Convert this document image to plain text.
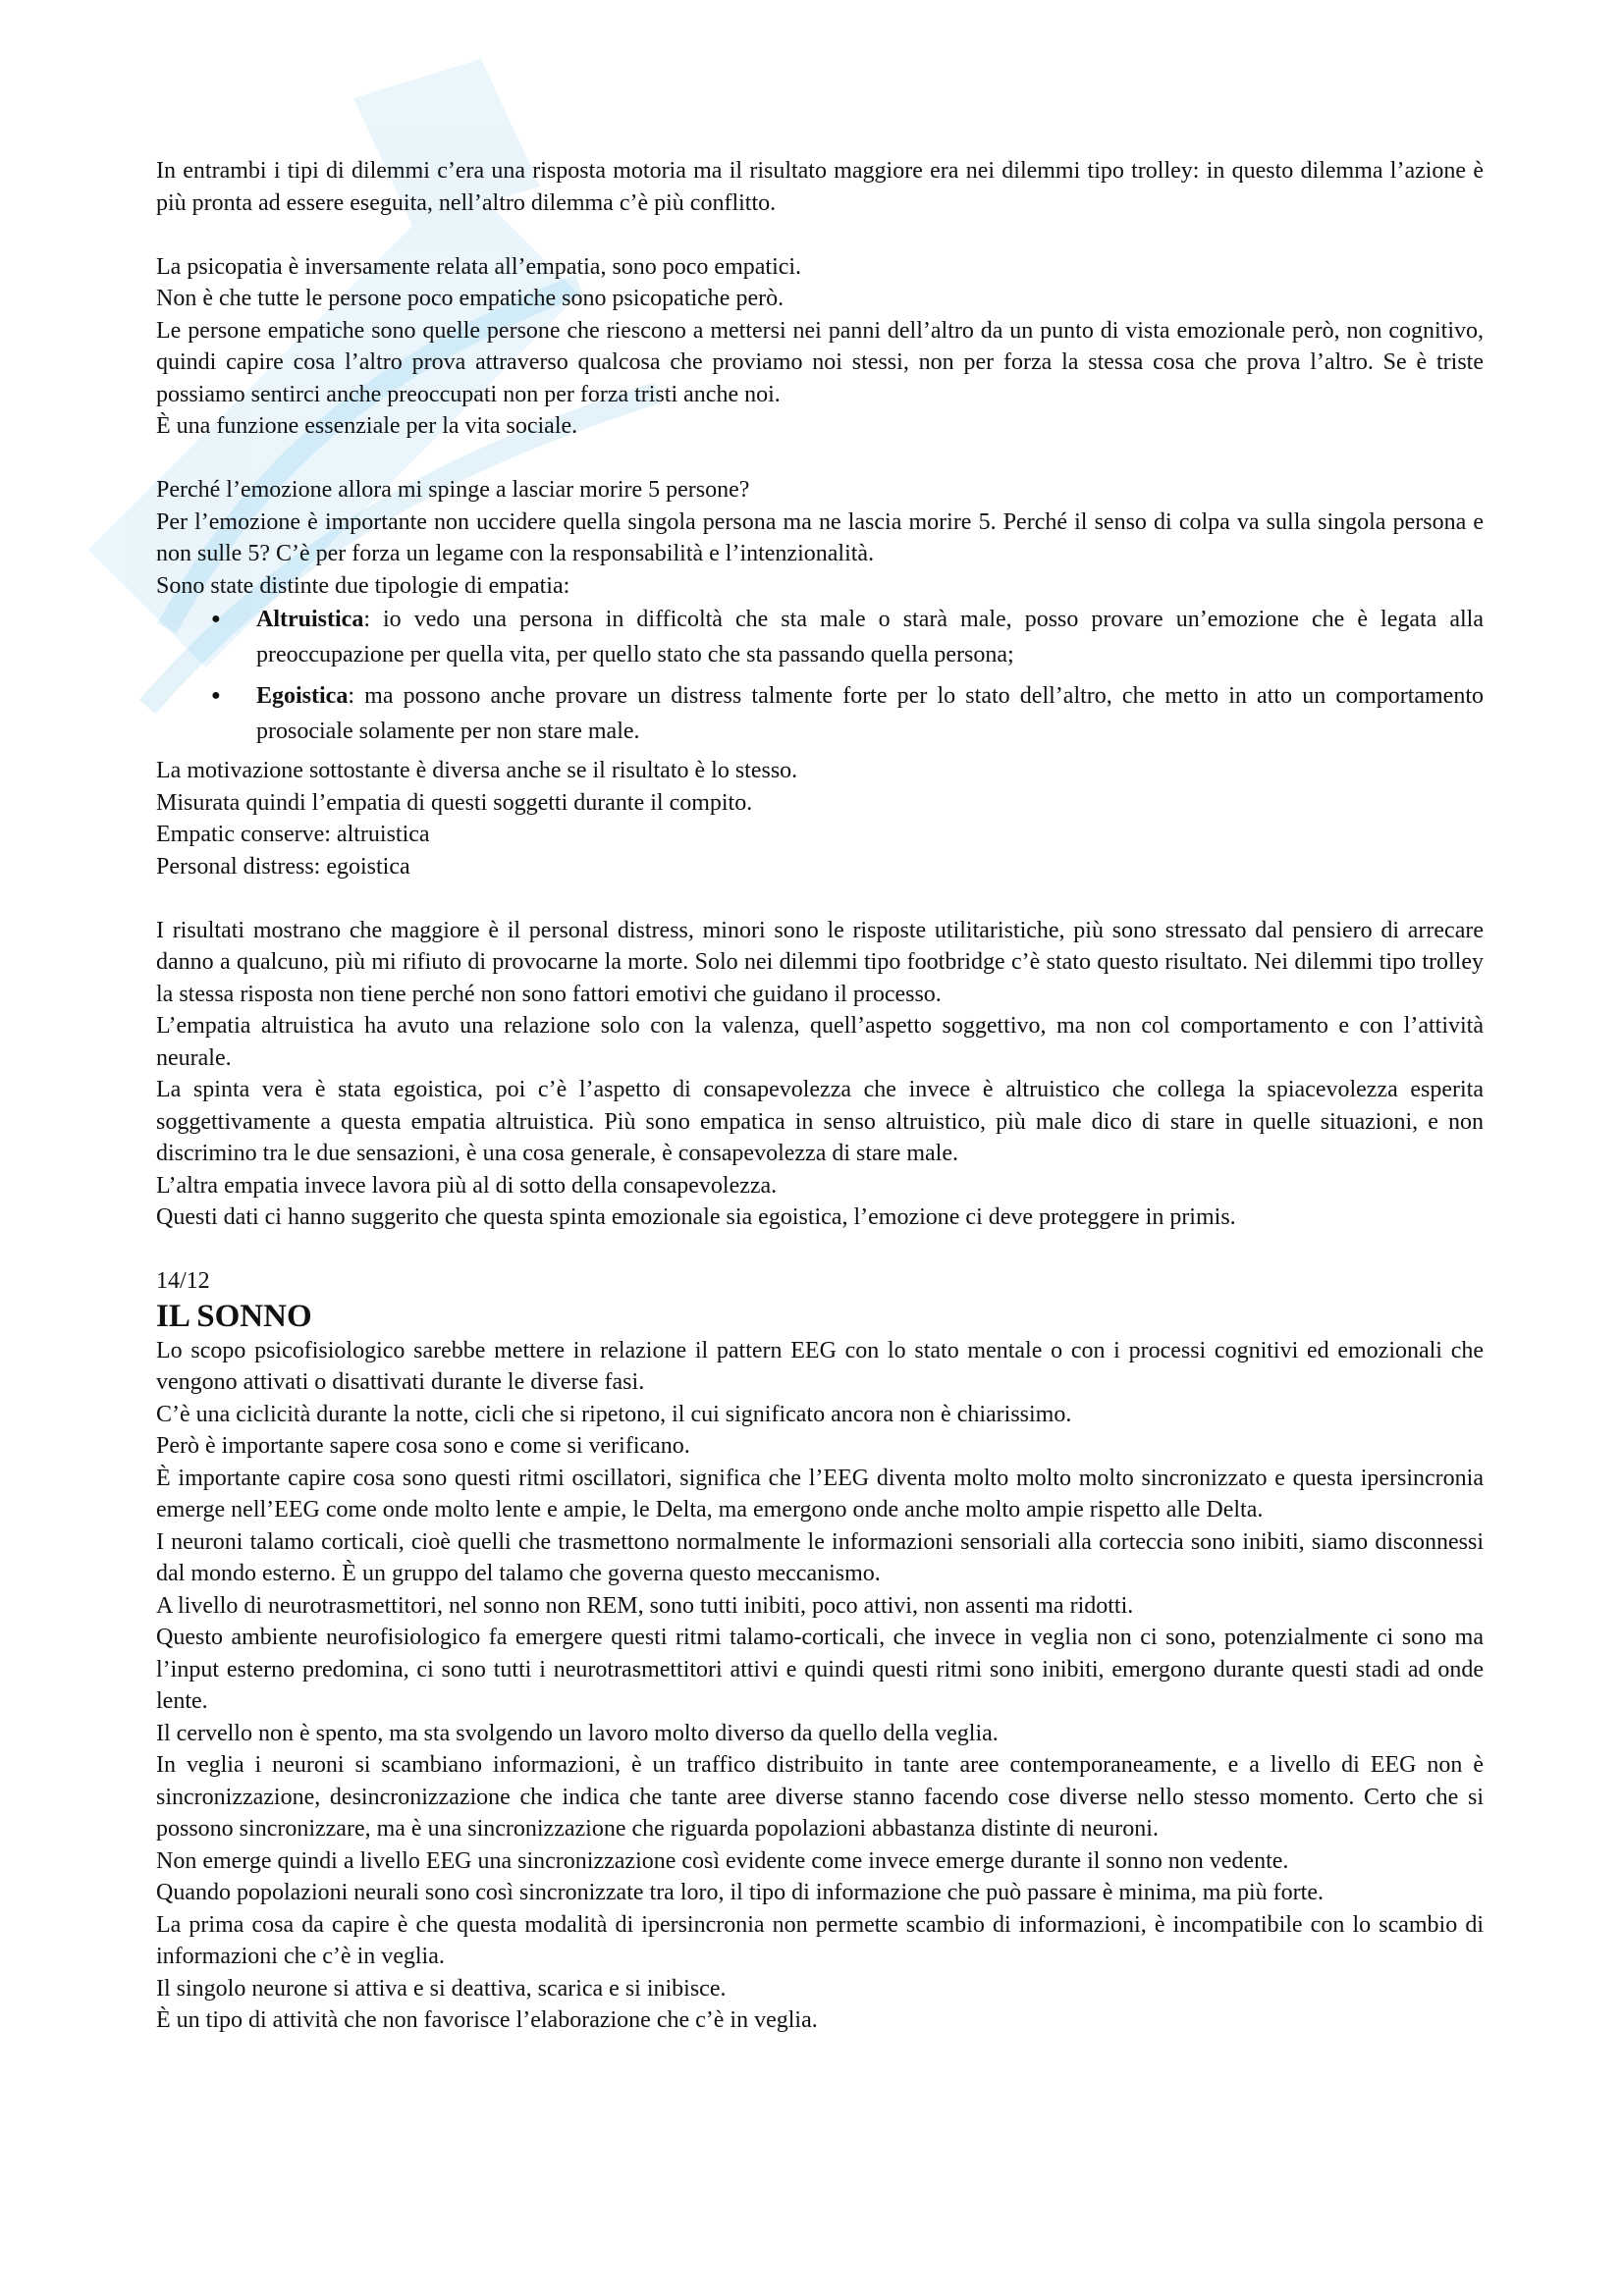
In entrambi i tipi di dilemmi c’era una risposta motoria ma il risultato maggiore era nei dilemmi tipo trolley: in questo dilemma l’azione è più pronta ad essere eseguita, nell’altro dilemma c’è più conflitto.

La psicopatia è inversamente relata all’empatia, sono poco empatici.

Non è che tutte le persone poco empatiche sono psicopatiche però.

Le persone empatiche sono quelle persone che riescono a mettersi nei panni dell’altro da un punto di vista emozionale però, non cognitivo, quindi capire cosa l’altro prova attraverso qualcosa che proviamo noi stessi, non per forza la stessa cosa che prova l’altro. Se è triste possiamo sentirci anche preoccupati non per forza tristi anche noi.

È una funzione essenziale per la vita sociale.

Perché l’emozione allora mi spinge a lasciar morire 5 persone?

Per l’emozione è importante non uccidere quella singola persona ma ne lascia morire 5. Perché il senso di colpa va sulla singola persona e non sulle 5? C’è per forza un legame con la responsabilità e l’intenzionalità.

Sono state distinte due tipologie di empatia:

● Altruistica: io vedo una persona in difficoltà che sta male o starà male, posso provare un’emozione che è legata alla preoccupazione per quella vita, per quello stato che sta passando quella persona;
● Egoistica: ma possono anche provare un distress talmente forte per lo stato dell’altro, che metto in atto un comportamento prosociale solamente per non stare male.

La motivazione sottostante è diversa anche se il risultato è lo stesso.

Misurata quindi l’empatia di questi soggetti durante il compito.

Empatic conserve: altruistica

Personal distress: egoistica

I risultati mostrano che maggiore è il personal distress, minori sono le risposte utilitaristiche, più sono stressato dal pensiero di arrecare danno a qualcuno, più mi rifiuto di provocarne la morte. Solo nei dilemmi tipo footbridge c’è stato questo risultato. Nei dilemmi tipo trolley la stessa risposta non tiene perché non sono fattori emotivi che guidano il processo.

L’empatia altruistica ha avuto una relazione solo con la valenza, quell’aspetto soggettivo, ma non col comportamento e con l’attività neurale.

La spinta vera è stata egoistica, poi c’è l’aspetto di consapevolezza che invece è altruistico che collega la spiacevolezza esperita soggettivamente a questa empatia altruistica. Più sono empatica in senso altruistico, più male dico di stare in quelle situazioni, e non discrimino tra le due sensazioni, è una cosa generale, è consapevolezza di stare male.

L’altra empatia invece lavora più al di sotto della consapevolezza.

Questi dati ci hanno suggerito che questa spinta emozionale sia egoistica, l’emozione ci deve proteggere in primis.

14/12

IL SONNO

Lo scopo psicofisiologico sarebbe mettere in relazione il pattern EEG con lo stato mentale o con i processi cognitivi ed emozionali che vengono attivati o disattivati durante le diverse fasi.

C’è una ciclicità durante la notte, cicli che si ripetono, il cui significato ancora non è chiarissimo.

Però è importante sapere cosa sono e come si verificano.

È importante capire cosa sono questi ritmi oscillatori, significa che l’EEG diventa molto molto molto sincronizzato e questa ipersincronia emerge nell’EEG come onde molto lente e ampie, le Delta, ma emergono onde anche molto ampie rispetto alle Delta.

I neuroni talamo corticali, cioè quelli che trasmettono normalmente le informazioni sensoriali alla corteccia sono inibiti, siamo disconnessi dal mondo esterno. È un gruppo del talamo che governa questo meccanismo.

A livello di neurotrasmettitori, nel sonno non REM, sono tutti inibiti, poco attivi, non assenti ma ridotti.

Questo ambiente neurofisiologico fa emergere questi ritmi talamo-corticali, che invece in veglia non ci sono, potenzialmente ci sono ma l’input esterno predomina, ci sono tutti i neurotrasmettitori attivi e quindi questi ritmi sono inibiti, emergono durante questi stadi ad onde lente.

Il cervello non è spento, ma sta svolgendo un lavoro molto diverso da quello della veglia.

In veglia i neuroni si scambiano informazioni, è un traffico distribuito in tante aree contemporaneamente, e a livello di EEG non è sincronizzazione, desincronizzazione che indica che tante aree diverse stanno facendo cose diverse nello stesso momento. Certo che si possono sincronizzare, ma è una sincronizzazione che riguarda popolazioni abbastanza distinte di neuroni.

Non emerge quindi a livello EEG una sincronizzazione così evidente come invece emerge durante il sonno non vedente.

Quando popolazioni neurali sono così sincronizzate tra loro, il tipo di informazione che può passare è minima, ma più forte.

La prima cosa da capire è che questa modalità di ipersincronia non permette scambio di informazioni, è incompatibile con lo scambio di informazioni che c’è in veglia.

Il singolo neurone si attiva e si deattiva, scarica e si inibisce.

È un tipo di attività che non favorisce l’elaborazione che c’è in veglia.
